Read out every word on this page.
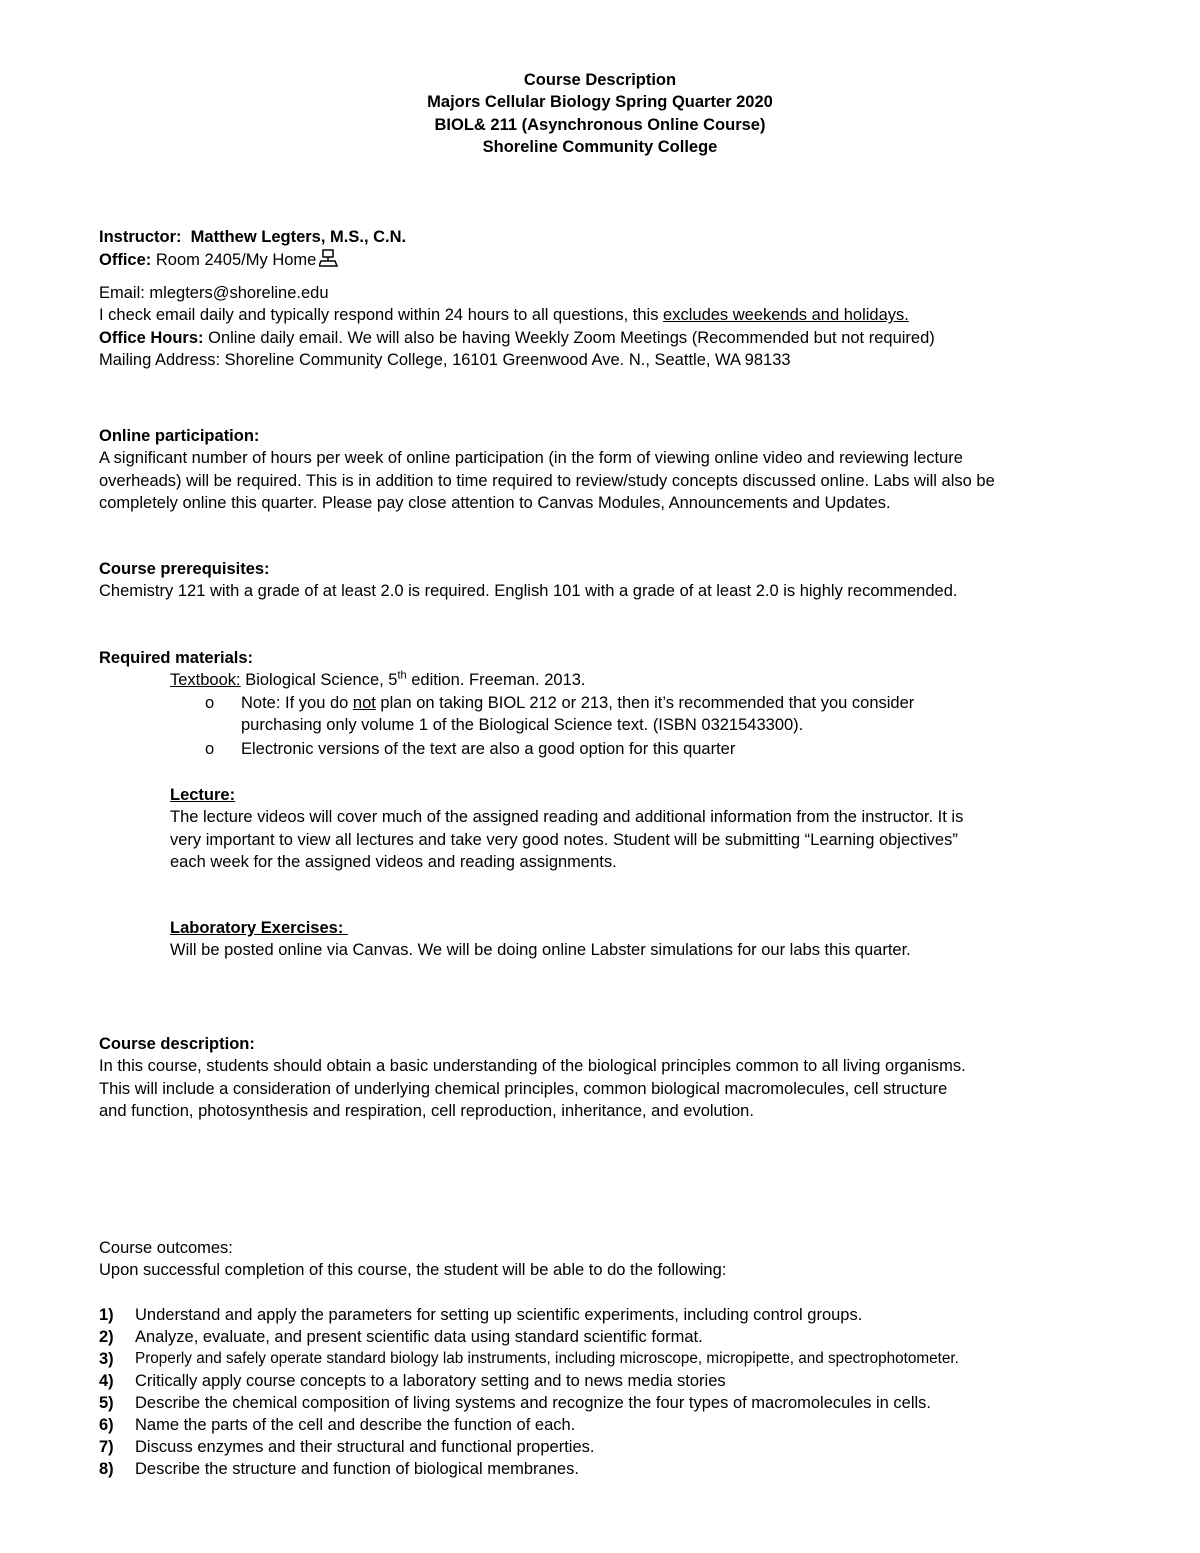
Course Description

Majors Cellular Biology Spring Quarter 2020

BIOL& 211 (Asynchronous Online Course)

Shoreline Community College

Instructor: Matthew Legters, M.S., C.N.

Office: Room 2405/My Home

Email: mlegters@shoreline.edu

I check email daily and typically respond within 24 hours to all questions, this excludes weekends and holidays.

Office Hours: Online daily email. We will also be having Weekly Zoom Meetings (Recommended but not required)

Mailing Address: Shoreline Community College, 16101 Greenwood Ave. N., Seattle, WA 98133

Online participation:

A significant number of hours per week of online participation (in the form of viewing online video and reviewing lecture

overheads) will be required. This is in addition to time required to review/study concepts discussed online. Labs will also be

completely online this quarter. Please pay close attention to Canvas Modules, Announcements and Updates.

Course prerequisites:

Chemistry 121 with a grade of at least 2.0 is required. English 101 with a grade of at least 2.0 is highly recommended.

Required materials:

Textbook: Biological Science, 5th edition. Freeman. 2013.

o Note: If you do not plan on taking BIOL 212 or 213, then it’s recommended that you consider
purchasing only volume 1 of the Biological Science text. (ISBN 0321543300).
o Electronic versions of the text are also a good option for this quarter

Lecture:

The lecture videos will cover much of the assigned reading and additional information from the instructor. It is

very important to view all lectures and take very good notes. Student will be submitting “Learning objectives”

each week for the assigned videos and reading assignments.

Laboratory Exercises:

Will be posted online via Canvas. We will be doing online Labster simulations for our labs this quarter.

Course description:

In this course, students should obtain a basic understanding of the biological principles common to all living organisms.

This will include a consideration of underlying chemical principles, common biological macromolecules, cell structure

and function, photosynthesis and respiration, cell reproduction, inheritance, and evolution.

Course outcomes:

Upon successful completion of this course, the student will be able to do the following:

1) Understand and apply the parameters for setting up scientific experiments, including control groups.
2) Analyze, evaluate, and present scientific data using standard scientific format.
3) Properly and safely operate standard biology lab instruments, including microscope, micropipette, and spectrophotometer.
4) Critically apply course concepts to a laboratory setting and to news media stories
5) Describe the chemical composition of living systems and recognize the four types of macromolecules in cells.
6) Name the parts of the cell and describe the function of each.
7) Discuss enzymes and their structural and functional properties.
8) Describe the structure and function of biological membranes.
